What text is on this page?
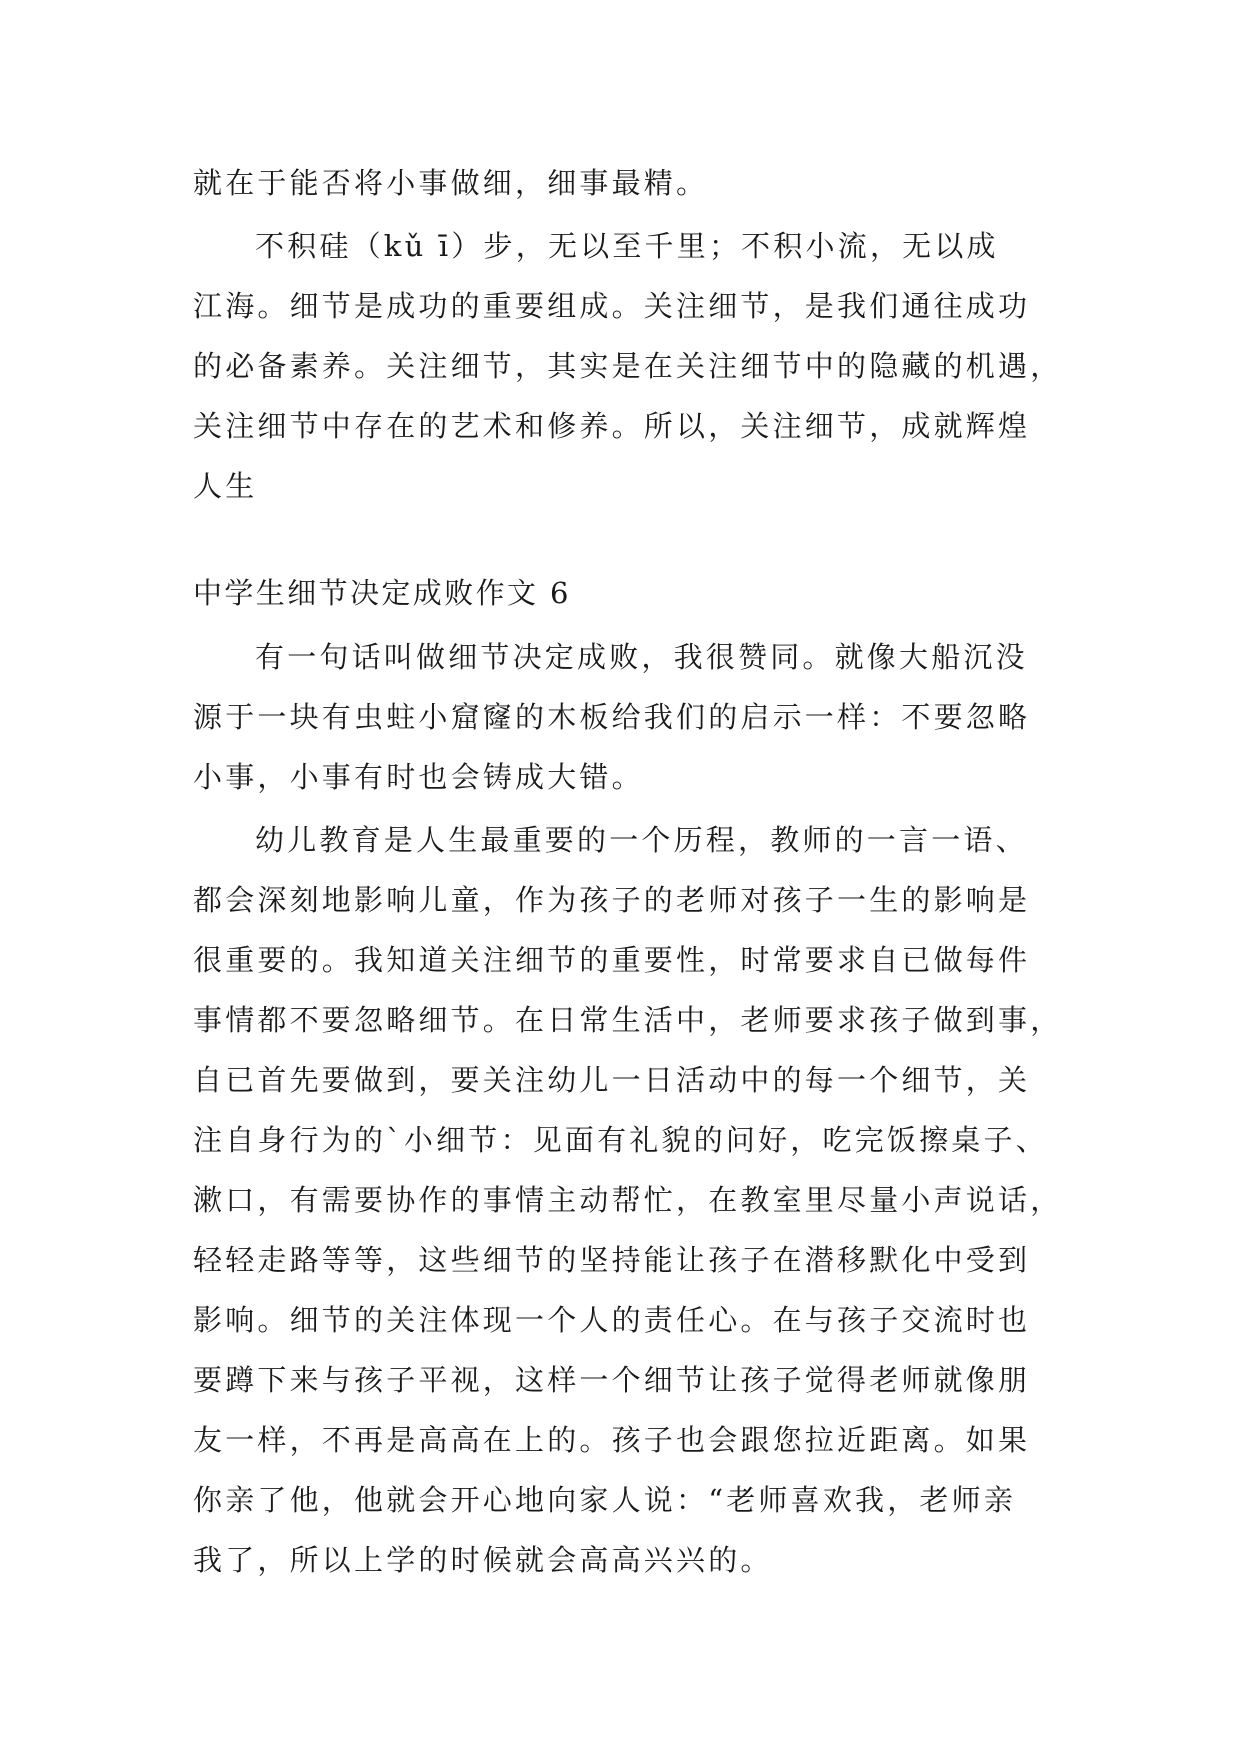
就在于能否将小事做细，细事最精。

不积硅（kǔ ī）步，无以至千里；不积小流，无以成

江海。细节是成功的重要组成。关注细节，是我们通往成功

的必备素养。关注细节，其实是在关注细节中的隐藏的机遇，

关注细节中存在的艺术和修养。所以，关注细节，成就辉煌

人生

中学生细节决定成败作文 6

有一句话叫做细节决定成败，我很赞同。就像大船沉没

源于一块有虫蛀小窟窿的木板给我们的启示一样：不要忽略

小事，小事有时也会铸成大错。

幼儿教育是人生最重要的一个历程，教师的一言一语、

都会深刻地影响儿童，作为孩子的老师对孩子一生的影响是

很重要的。我知道关注细节的重要性，时常要求自已做每件

事情都不要忽略细节。在日常生活中，老师要求孩子做到事，

自已首先要做到，要关注幼儿一日活动中的每一个细节，关

注自身行为的`小细节：见面有礼貌的问好，吃完饭擦桌子、

漱口，有需要协作的事情主动帮忙，在教室里尽量小声说话，

轻轻走路等等，这些细节的坚持能让孩子在潜移默化中受到

影响。细节的关注体现一个人的责任心。在与孩子交流时也

要蹲下来与孩子平视，这样一个细节让孩子觉得老师就像朋

友一样，不再是高高在上的。孩子也会跟您拉近距离。如果

你亲了他，他就会开心地向家人说：“老师喜欢我，老师亲

我了，所以上学的时候就会高高兴兴的。
